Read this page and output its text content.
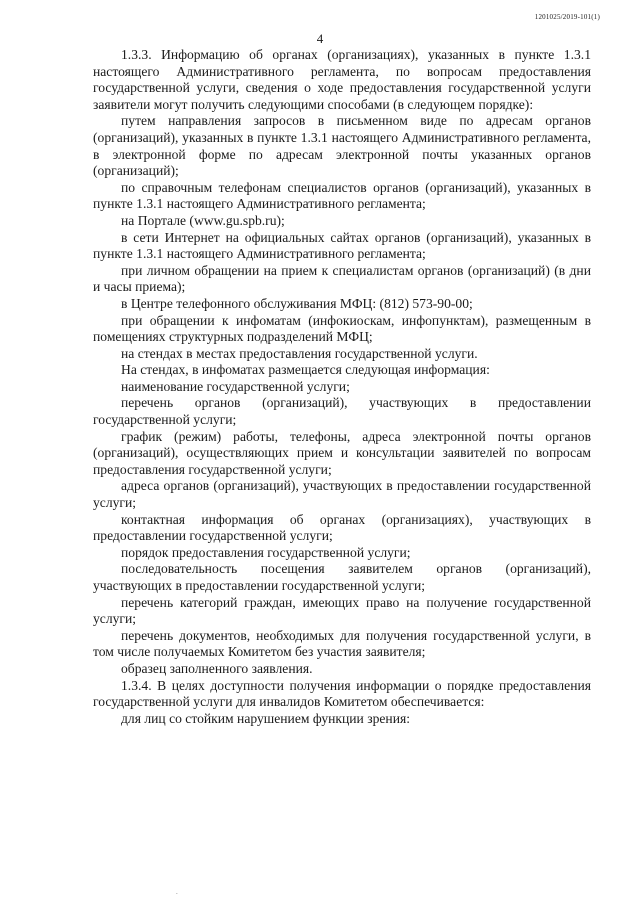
1201025/2019-101(1)
4

1.3.3. Информацию об органах (организациях), указанных в пункте 1.3.1 настоящего Административного регламента, по вопросам предоставления государственной услуги, сведения о ходе предоставления государственной услуги заявители могут получить следующими способами (в следующем порядке):

путем направления запросов в письменном виде по адресам органов (организаций), указанных в пункте 1.3.1 настоящего Административного регламента, в электронной форме по адресам электронной почты указанных органов (организаций);

по справочным телефонам специалистов органов (организаций), указанных в пункте 1.3.1 настоящего Административного регламента;

на Портале (www.gu.spb.ru);

в сети Интернет на официальных сайтах органов (организаций), указанных в пункте 1.3.1 настоящего Административного регламента;

при личном обращении на прием к специалистам органов (организаций) (в дни и часы приема);

в Центре телефонного обслуживания МФЦ: (812) 573-90-00;

при обращении к инфоматам (инфокиоскам, инфопунктам), размещенным в помещениях структурных подразделений МФЦ;

на стендах в местах предоставления государственной услуги.

На стендах, в инфоматах размещается следующая информация:

наименование государственной услуги;

перечень органов (организаций), участвующих в предоставлении государственной услуги;

график (режим) работы, телефоны, адреса электронной почты органов (организаций), осуществляющих прием и консультации заявителей по вопросам предоставления государственной услуги;

адреса органов (организаций), участвующих в предоставлении государственной услуги;

контактная информация об органах (организациях), участвующих в предоставлении государственной услуги;

порядок предоставления государственной услуги;

последовательность посещения заявителем органов (организаций), участвующих в предоставлении государственной услуги;

перечень категорий граждан, имеющих право на получение государственной услуги;

перечень документов, необходимых для получения государственной услуги, в том числе получаемых Комитетом без участия заявителя;

образец заполненного заявления.

1.3.4. В целях доступности получения информации о порядке предоставления государственной услуги для инвалидов Комитетом обеспечивается:

для лиц со стойким нарушением функции зрения:

.
